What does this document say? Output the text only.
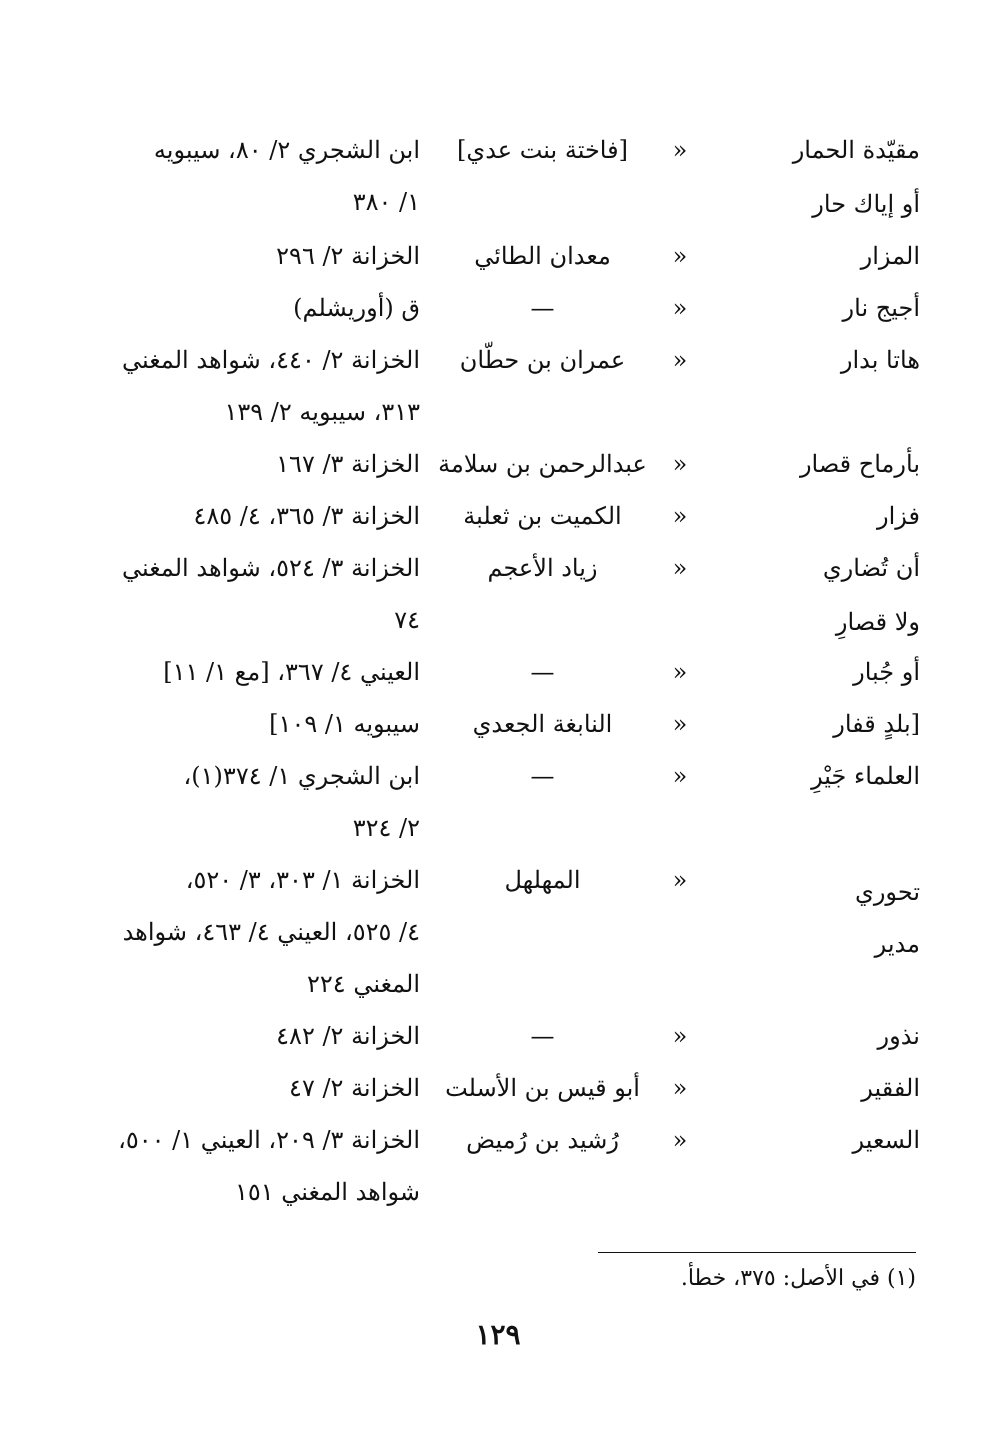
مقيّدة الحمار
«
[فاختة بنت عدي]
ابن الشجري ٢/ ٨٠، سيبويه
١/ ٣٨٠	أو إياك حار
المزار
«
معدان الطائي
الخزانة ٢/ ٢٩٦
أجيج نار
«
—
ق (أوريشلم)
هاتا بدار
«
عمران بن حطّان
الخزانة ٢/ ٤٤٠، شواهد المغني
٣١٣، سيبويه ٢/ ١٣٩
بأرماح قصار
«
عبدالرحمن بن سلامة
الخزانة ٣/ ١٦٧
فزار
«
الكميت بن ثعلبة
الخزانة ٣/ ٣٦٥، ٤/ ٤٨٥
أن تُضاري
«
زياد الأعجم
الخزانة ٣/ ٥٢٤، شواهد المغني
٧٤	ولا قصارِ
أو جُبار
«
—
العيني ٤/ ٣٦٧، [مع ١/ ١١]
[بلدٍ قفار
«
النابغة الجعدي
سيبويه ١/ ١٠٩]
العلماء جَيْرِ
«
—
ابن الشجري ١/ ٣٧٤(١)،
٢/ ٣٢٤
تحوري
مدير
«
المهلهل
الخزانة ١/ ٣٠٣، ٣/ ٥٢٠،
٤/ ٥٢٥، العيني ٤/ ٤٦٣، شواهد
المغني ٢٢٤
نذور
«
—
الخزانة ٢/ ٤٨٢
الفقير
«
أبو قيس بن الأسلت
الخزانة ٢/ ٤٧
السعير
«
رُشيد بن رُميض
الخزانة ٣/ ٢٠٩، العيني ١/ ٥٠٠،
شواهد المغني ١٥١
(١) في الأصل: ٣٧٥، خطأ.
١٢٩
